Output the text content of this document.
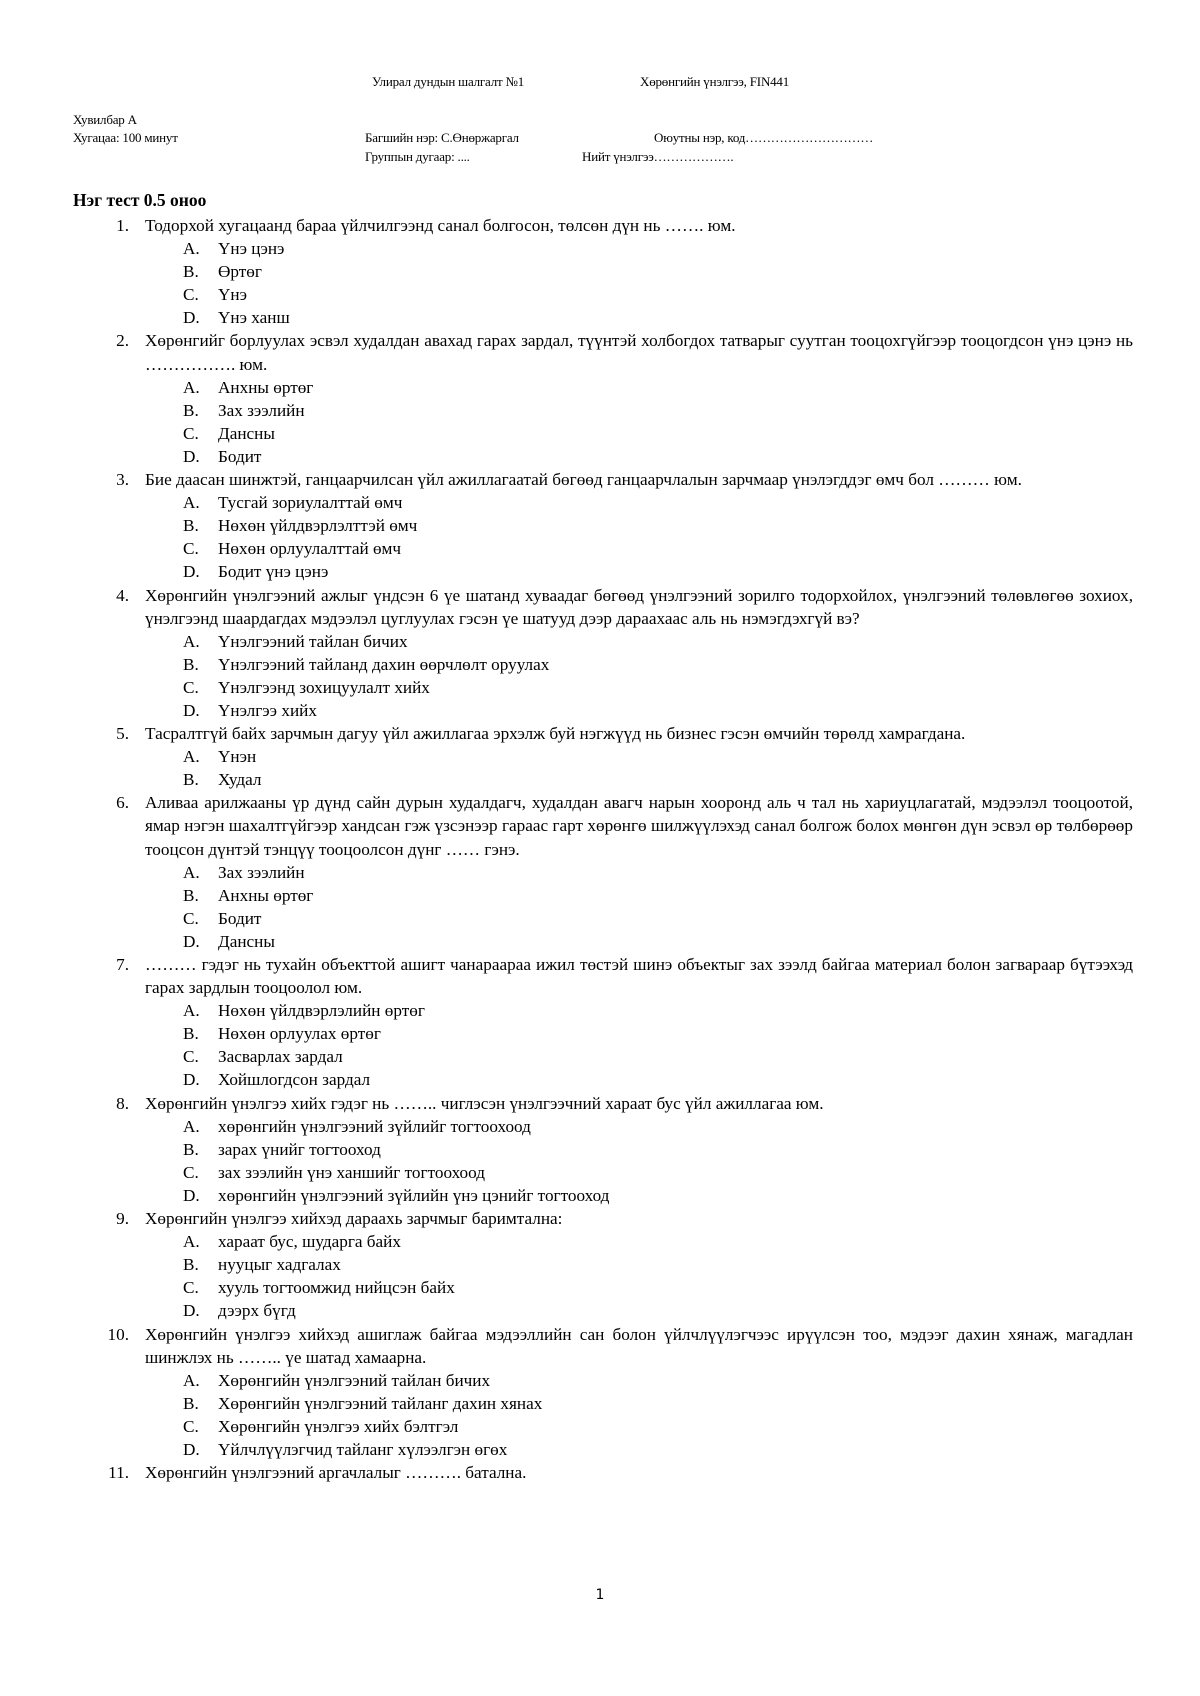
Улирал дундын шалгалт №1	Хөрөнгийн үнэлгээ, FIN441
Хувилбар А
Хугацаа: 100 минут	Багшийн нэр: С.Өнөржаргал	Оюутны нэр, код…………………………
Группын дугаар: ....	Нийт үнэлгээ……………….
Нэг тест 0.5 оноо
1. Тодорхой хугацаанд бараа үйлчилгээнд санал болгосон, төлсөн дүн нь ……. юм.
A. Үнэ цэнэ
B. Өртөг
C. Үнэ
D. Үнэ ханш
2. Хөрөнгийг борлуулах эсвэл худалдан авахад гарах зардал, түүнтэй холбогдох татварыг суутган тооцохгүйгээр тооцогдсон үнэ цэнэ нь ……………. юм.
A. Анхны өртөг
B. Зах зээлийн
C. Дансны
D. Бодит
3. Бие даасан шинжтэй, ганцаарчилсан үйл ажиллагаатай бөгөөд ганцаарчлалын зарчмаар үнэлэгддэг өмч бол ……… юм.
A. Тусгай зориулалттай өмч
B. Нөхөн үйлдвэрлэлттэй өмч
C. Нөхөн орлуулалттай өмч
D. Бодит үнэ цэнэ
4. Хөрөнгийн үнэлгээний ажлыг үндсэн 6 үе шатанд хуваадаг бөгөөд үнэлгээний зорилго тодорхойлох, үнэлгээний төлөвлөгөө зохиох, үнэлгээнд шаардагдах мэдээлэл цуглуулах гэсэн үе шатууд дээр дараахаас аль нь нэмэгдэхгүй вэ?
A. Үнэлгээний тайлан бичих
B. Үнэлгээний тайланд дахин өөрчлөлт оруулах
C. Үнэлгээнд зохицуулалт хийх
D. Үнэлгээ хийх
5. Тасралтгүй байх зарчмын дагуу үйл ажиллагаа эрхэлж буй нэгжүүд нь бизнес гэсэн өмчийн төрөлд хамрагдана.
A. Үнэн
B. Худал
6. Аливаа арилжааны үр дүнд сайн дурын худалдагч, худалдан авагч нарын хооронд аль ч тал нь хариуцлагатай, мэдээлэл тооцоотой, ямар нэгэн шахалтгүйгээр хандсан гэж үзсэнээр гараас гарт хөрөнгө шилжүүлэхэд санал болгож болох мөнгөн дүн эсвэл өр төлбөрөөр тооцсон дүнтэй тэнцүү тооцоолсон дүнг …… гэнэ.
A. Зах зээлийн
B. Анхны өртөг
C. Бодит
D. Дансны
7. ……… гэдэг нь тухайн объекттой ашигт чанараараа ижил төстэй шинэ объектыг зах зээлд байгаа материал болон загвараар бүтээхэд гарах зардлын тооцоолол юм.
A. Нөхөн үйлдвэрлэлийн өртөг
B. Нөхөн орлуулах өртөг
C. Засварлах зардал
D. Хойшлогдсон зардал
8. Хөрөнгийн үнэлгээ хийх гэдэг нь …….. чиглэсэн үнэлгээчний хараат бус үйл ажиллагаа юм.
A. хөрөнгийн үнэлгээний зүйлийг тогтоохоод
B. зарах үнийг тогтооход
C. зах зээлийн үнэ ханшийг тогтоохоод
D. хөрөнгийн үнэлгээний зүйлийн үнэ цэнийг тогтооход
9. Хөрөнгийн үнэлгээ хийхэд дараахь зарчмыг баримтална:
A. хараат бус, шударга байх
B. нууцыг хадгалах
C. хууль тогтоомжид нийцсэн байх
D. дээрх бүгд
10. Хөрөнгийн үнэлгээ хийхэд ашиглаж байгаа мэдээллийн сан болон үйлчлүүлэгчээс ирүүлсэн тоо, мэдээг дахин хянаж, магадлан шинжлэх нь …….. үе шатад хамаарна.
A. Хөрөнгийн үнэлгээний тайлан бичих
B. Хөрөнгийн үнэлгээний тайланг дахин хянах
C. Хөрөнгийн үнэлгээ хийх бэлтгэл
D. Үйлчлүүлэгчид тайланг хүлээлгэн өгөх
11. Хөрөнгийн үнэлгээний аргачлалыг ………. батална.
1
